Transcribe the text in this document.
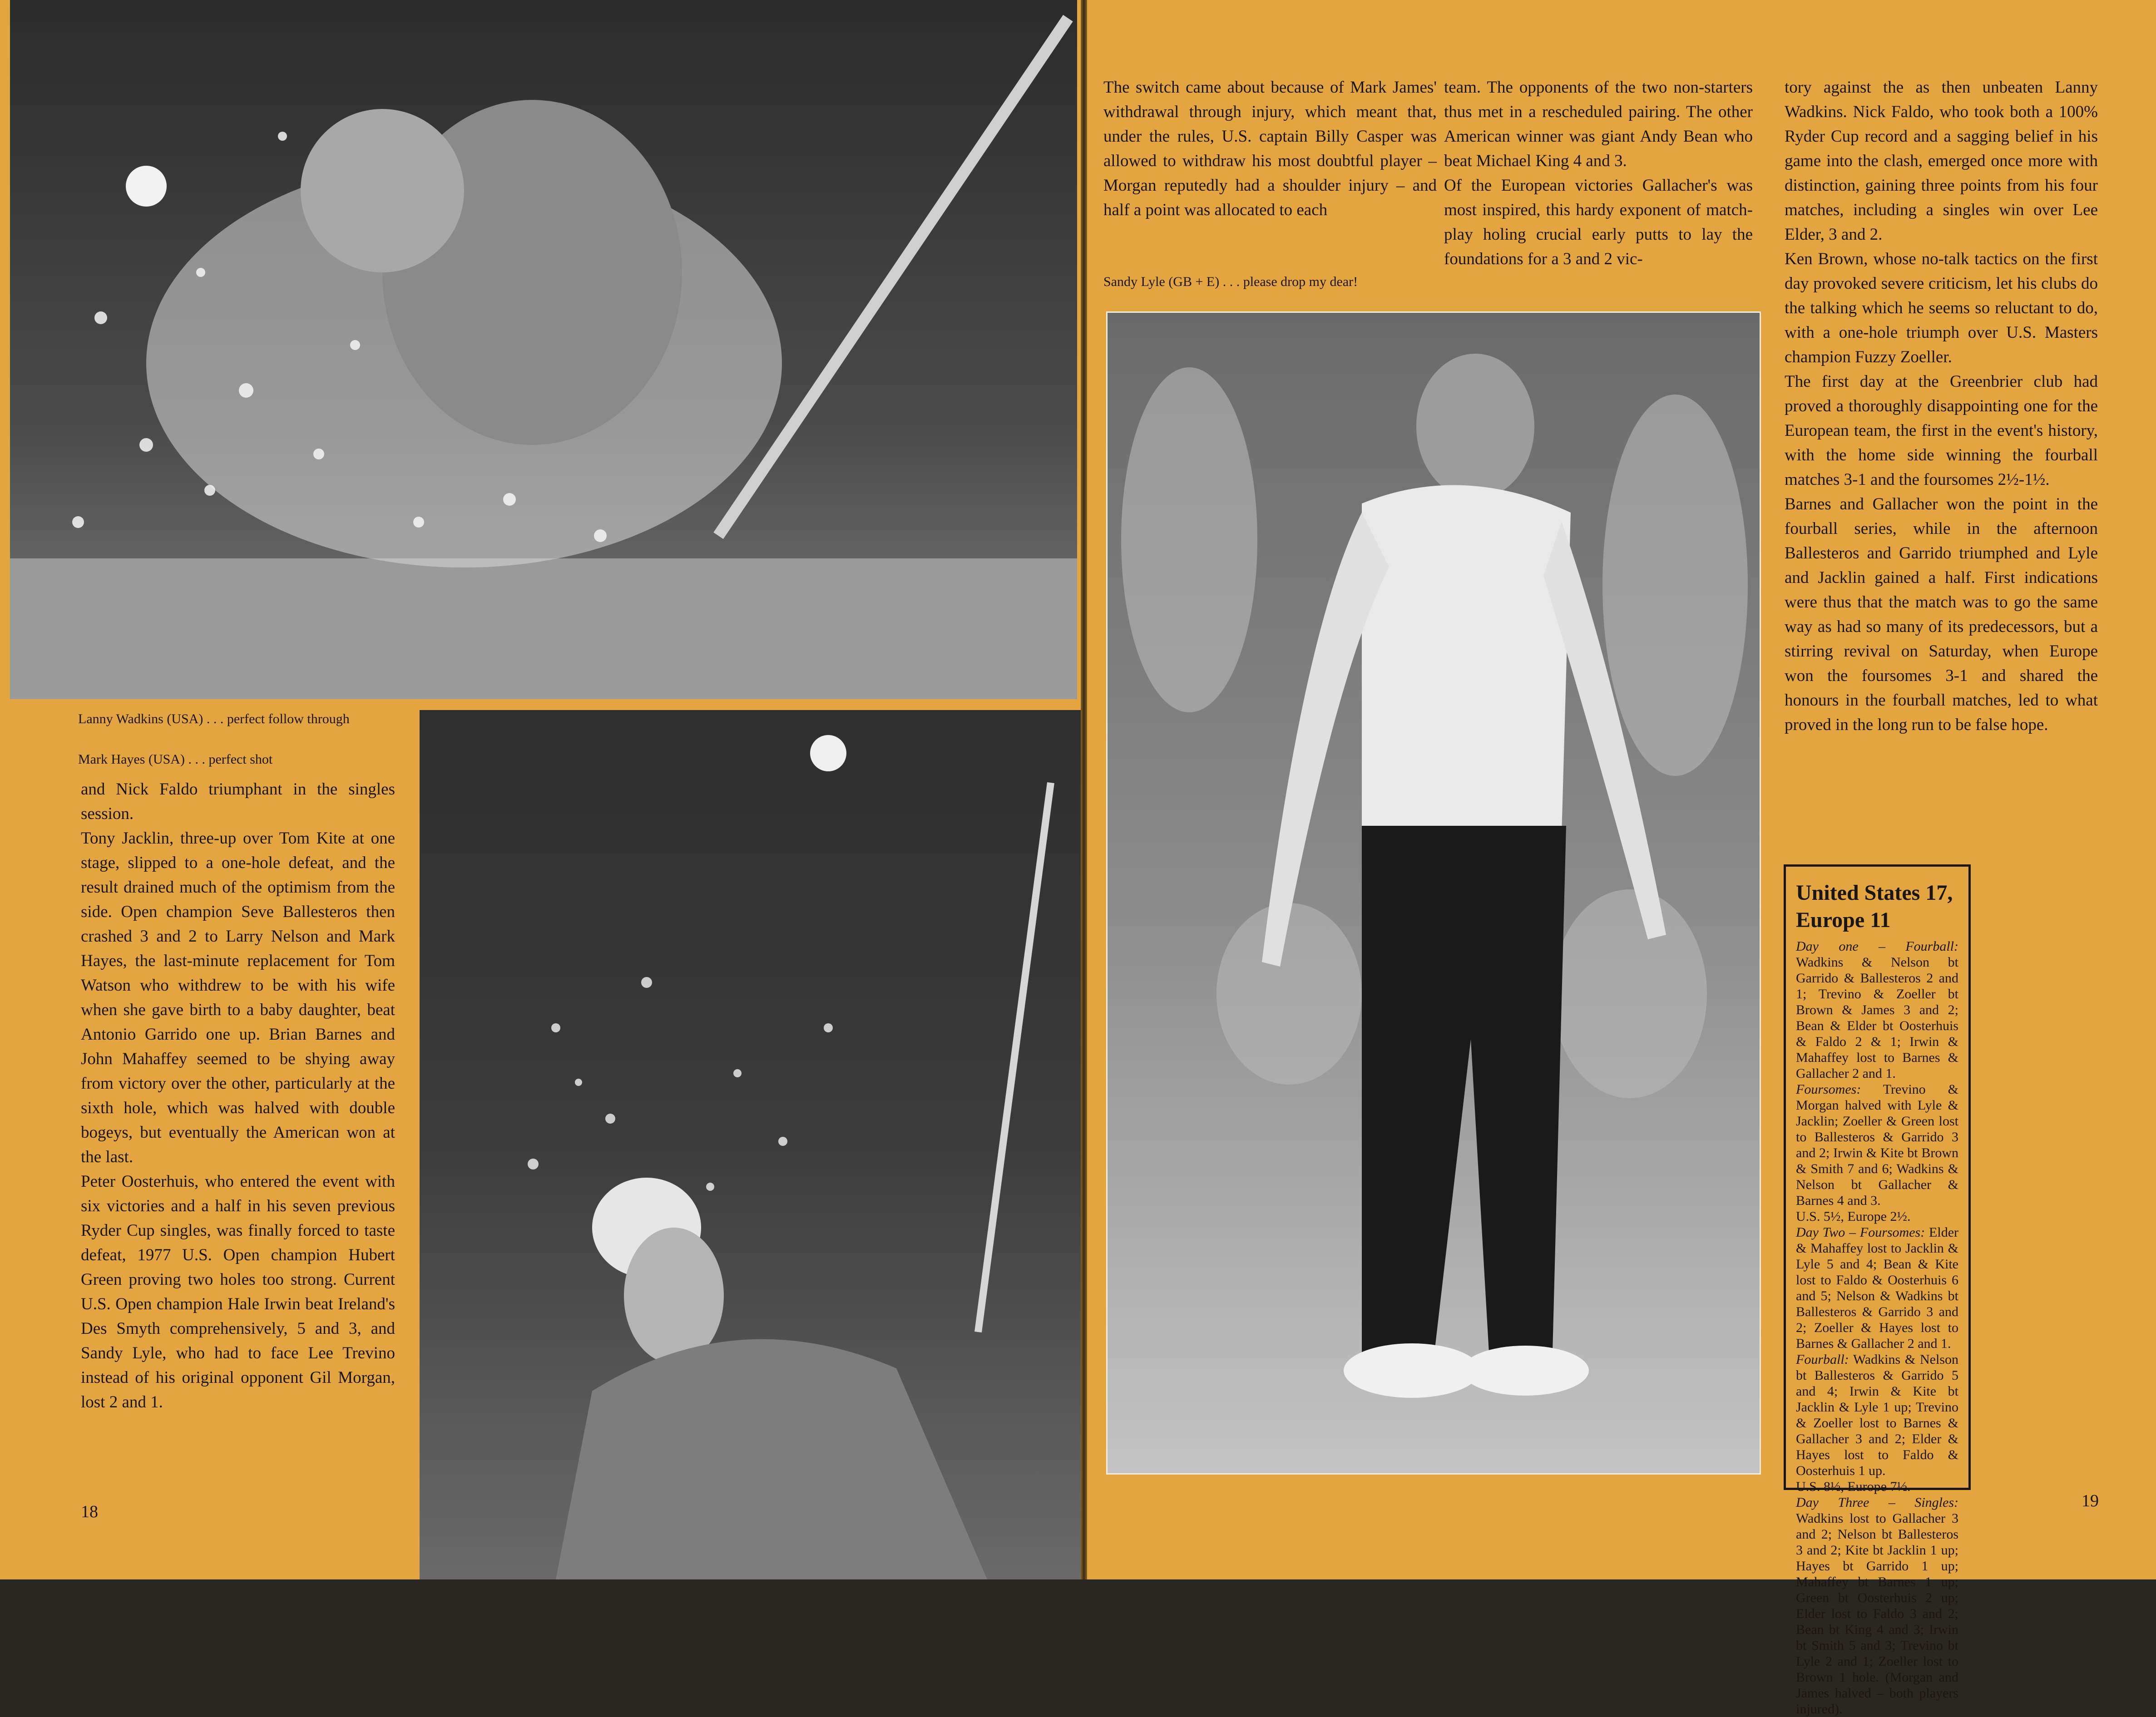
Lanny Wadkins (USA) . . . perfect follow through
Mark Hayes (USA) . . . perfect shot

and Nick Faldo triumphant in the singles session.

Tony Jacklin, three-up over Tom Kite at one stage, slipped to a one-hole defeat, and the result drained much of the optimism from the side. Open champion Seve Ballesteros then crashed 3 and 2 to Larry Nelson and Mark Hayes, the last-minute replacement for Tom Watson who withdrew to be with his wife when she gave birth to a baby daughter, beat Antonio Garrido one up. Brian Barnes and John Mahaffey seemed to be shying away from victory over the other, particularly at the sixth hole, which was halved with double bogeys, but eventually the American won at the last.

Peter Oosterhuis, who entered the event with six victories and a half in his seven previous Ryder Cup singles, was finally forced to taste defeat, 1977 U.S. Open champion Hubert Green proving two holes too strong. Current U.S. Open champion Hale Irwin beat Ireland's Des Smyth comprehensively, 5 and 3, and Sandy Lyle, who had to face Lee Trevino instead of his original opponent Gil Morgan, lost 2 and 1.

18

The switch came about because of Mark James' withdrawal through injury, which meant that, under the rules, U.S. captain Billy Casper was allowed to withdraw his most doubtful player – Morgan reputedly had a shoulder injury – and half a point was allocated to each

Sandy Lyle (GB + E) . . . please drop my dear!

team. The opponents of the two non-starters thus met in a rescheduled pairing. The other American winner was giant Andy Bean who beat Michael King 4 and 3.

Of the European victories Gallacher's was most inspired, this hardy exponent of match-play holing crucial early putts to lay the foundations for a 3 and 2 vic-

tory against the as then unbeaten Lanny Wadkins. Nick Faldo, who took both a 100% Ryder Cup record and a sagging belief in his game into the clash, emerged once more with distinction, gaining three points from his four matches, including a singles win over Lee Elder, 3 and 2.

Ken Brown, whose no-talk tactics on the first day provoked severe criticism, let his clubs do the talking which he seems so reluctant to do, with a one-hole triumph over U.S. Masters champion Fuzzy Zoeller.

The first day at the Greenbrier club had proved a thoroughly disappointing one for the European team, the first in the event's history, with the home side winning the fourball matches 3-1 and the foursomes 2½-1½.

Barnes and Gallacher won the point in the fourball series, while in the afternoon Ballesteros and Garrido triumphed and Lyle and Jacklin gained a half. First indications were thus that the match was to go the same way as had so many of its predecessors, but a stirring revival on Saturday, when Europe won the foursomes 3-1 and shared the honours in the fourball matches, led to what proved in the long run to be false hope.

United States 17, Europe 11

Day one – Fourball: Wadkins & Nelson bt Garrido & Ballesteros 2 and 1; Trevino & Zoeller bt Brown & James 3 and 2; Bean & Elder bt Oosterhuis & Faldo 2 & 1; Irwin & Mahaffey lost to Barnes & Gallacher 2 and 1.

Foursomes: Trevino & Morgan halved with Lyle & Jacklin; Zoeller & Green lost to Ballesteros & Garrido 3 and 2; Irwin & Kite bt Brown & Smith 7 and 6; Wadkins & Nelson bt Gallacher & Barnes 4 and 3.

U.S. 5½, Europe 2½.

Day Two – Foursomes: Elder & Mahaffey lost to Jacklin & Lyle 5 and 4; Bean & Kite lost to Faldo & Oosterhuis 6 and 5; Nelson & Wadkins bt Ballesteros & Garrido 3 and 2; Zoeller & Hayes lost to Barnes & Gallacher 2 and 1.

Fourball: Wadkins & Nelson bt Ballesteros & Garrido 5 and 4; Irwin & Kite bt Jacklin & Lyle 1 up; Trevino & Zoeller lost to Barnes & Gallacher 3 and 2; Elder & Hayes lost to Faldo & Oosterhuis 1 up.

U.S. 8½, Europe 7½.

Day Three – Singles: Wadkins lost to Gallacher 3 and 2; Nelson bt Ballesteros 3 and 2; Kite bt Jacklin 1 up; Hayes bt Garrido 1 up; Mahaffey bt Barnes 1 up; Green bt Oosterhuis 2 up; Elder lost to Faldo 3 and 2; Bean bt King 4 and 3; Irwin bt Smith 5 and 3; Trevino bt Lyle 2 and 1; Zoeller lost to Brown 1 hole. (Morgan and James halved – both players injured).

19
